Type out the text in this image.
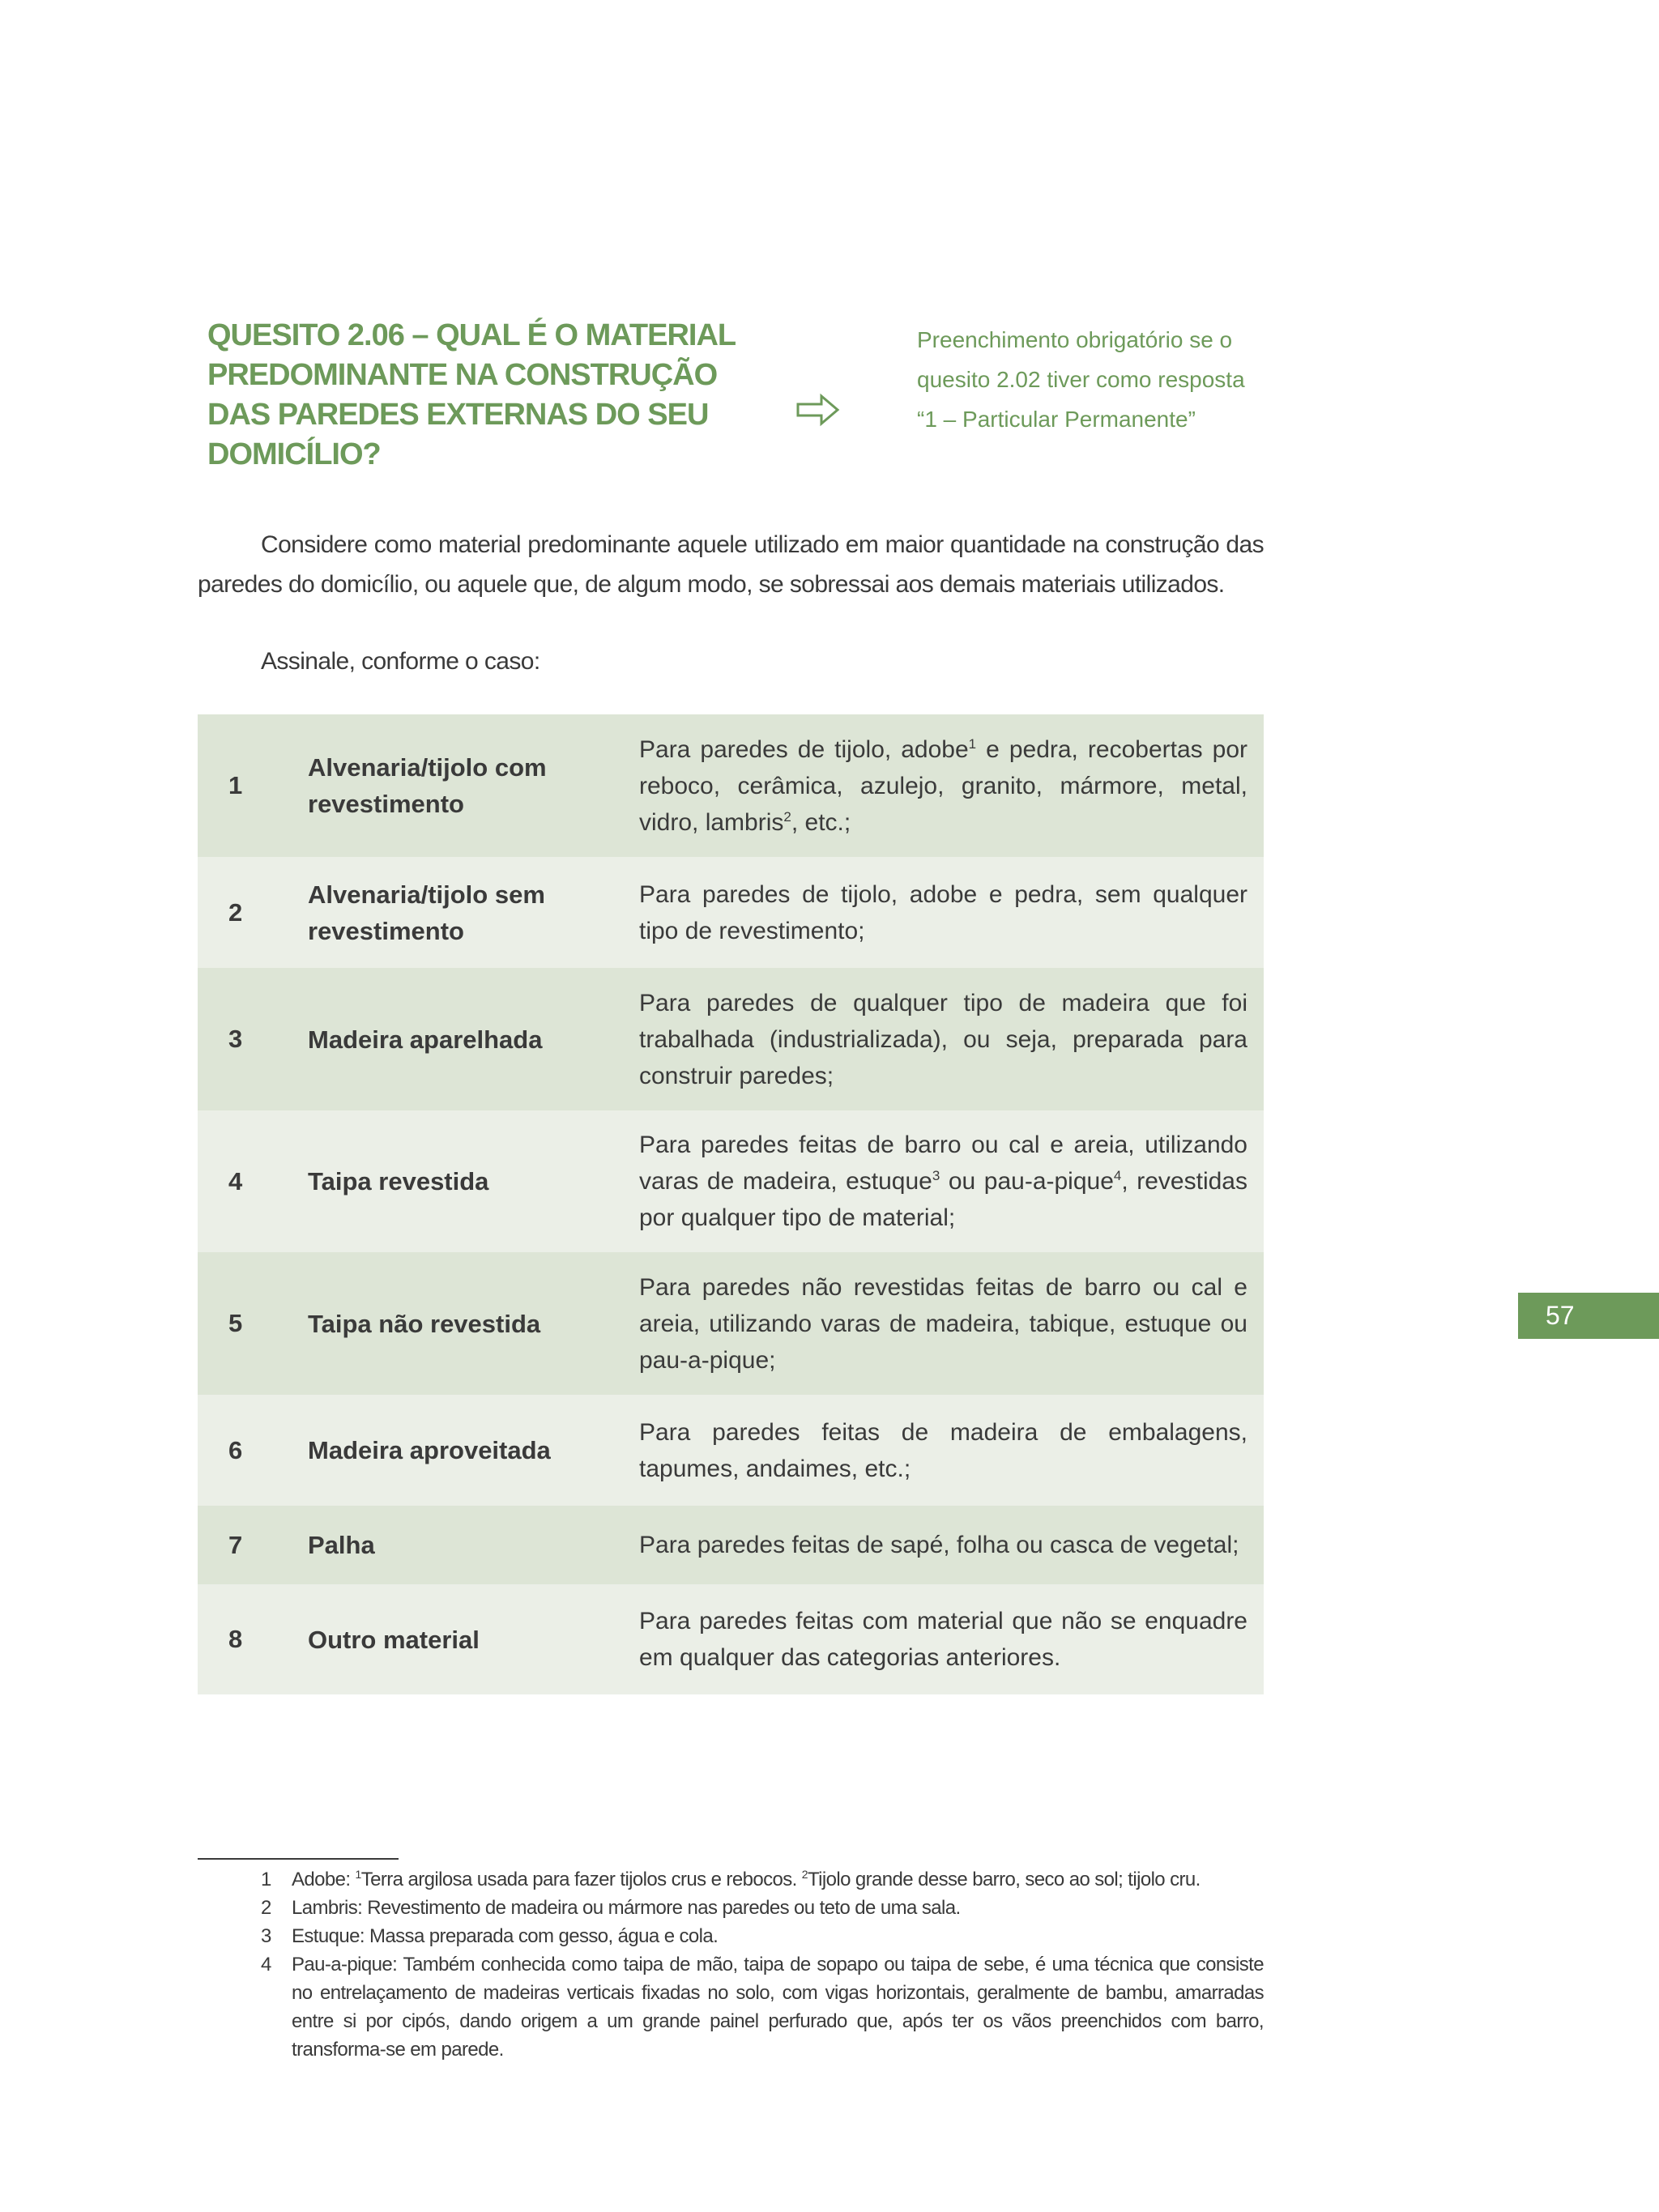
QUESITO 2.06 – QUAL É O MATERIAL PREDOMINANTE NA CONSTRUÇÃO DAS PAREDES EXTERNAS DO SEU DOMICÍLIO?
Preenchimento obrigatório se o quesito 2.02 tiver como resposta “1 – Particular Permanente”

Considere como material predominante aquele utilizado em maior quantidade na construção das paredes do domicílio, ou aquele que, de algum modo, se sobressai aos demais materiais utilizados.

Assinale, conforme o caso:
1	Alvenaria/tijolo com revestimento	Para paredes de tijolo, adobe$^1$ e pedra, recobertas por reboco, cerâmica, azulejo, granito, mármore, metal, vidro, lambris$^2$, etc.;
2	Alvenaria/tijolo sem revestimento	Para paredes de tijolo, adobe e pedra, sem qualquer tipo de revestimento;
3	Madeira aparelhada	Para paredes de qualquer tipo de madeira que foi trabalhada (industrializada), ou seja, preparada para construir paredes;
4	Taipa revestida	Para paredes feitas de barro ou cal e areia, utilizando varas de madeira, estuque$^3$ ou pau-a-pique$^4$, revestidas por qualquer tipo de material;
5	Taipa não revestida	Para paredes não revestidas feitas de barro ou cal e areia, utilizando varas de madeira, tabique, estuque ou pau-a-pique;
6	Madeira aproveitada	Para paredes feitas de madeira de embalagens, tapumes, andaimes, etc.;
7	Palha	Para paredes feitas de sapé, folha ou casca de vegetal;
8	Outro material	Para paredes feitas com material que não se enquadre em qualquer das categorias anteriores.
57
1 Adobe: $^1$Terra argilosa usada para fazer tijolos crus e rebocos. $^2$Tijolo grande desse barro, seco ao sol; tijolo cru.
2 Lambris: Revestimento de madeira ou mármore nas paredes ou teto de uma sala.
3 Estuque: Massa preparada com gesso, água e cola.
4 Pau-a-pique: Também conhecida como taipa de mão, taipa de sopapo ou taipa de sebe, é uma técnica que consiste no entrelaçamento de madeiras verticais fixadas no solo, com vigas horizontais, geralmente de bambu, amarradas entre si por cipós, dando origem a um grande painel perfurado que, após ter os vãos preenchidos com barro, transforma-se em parede.
